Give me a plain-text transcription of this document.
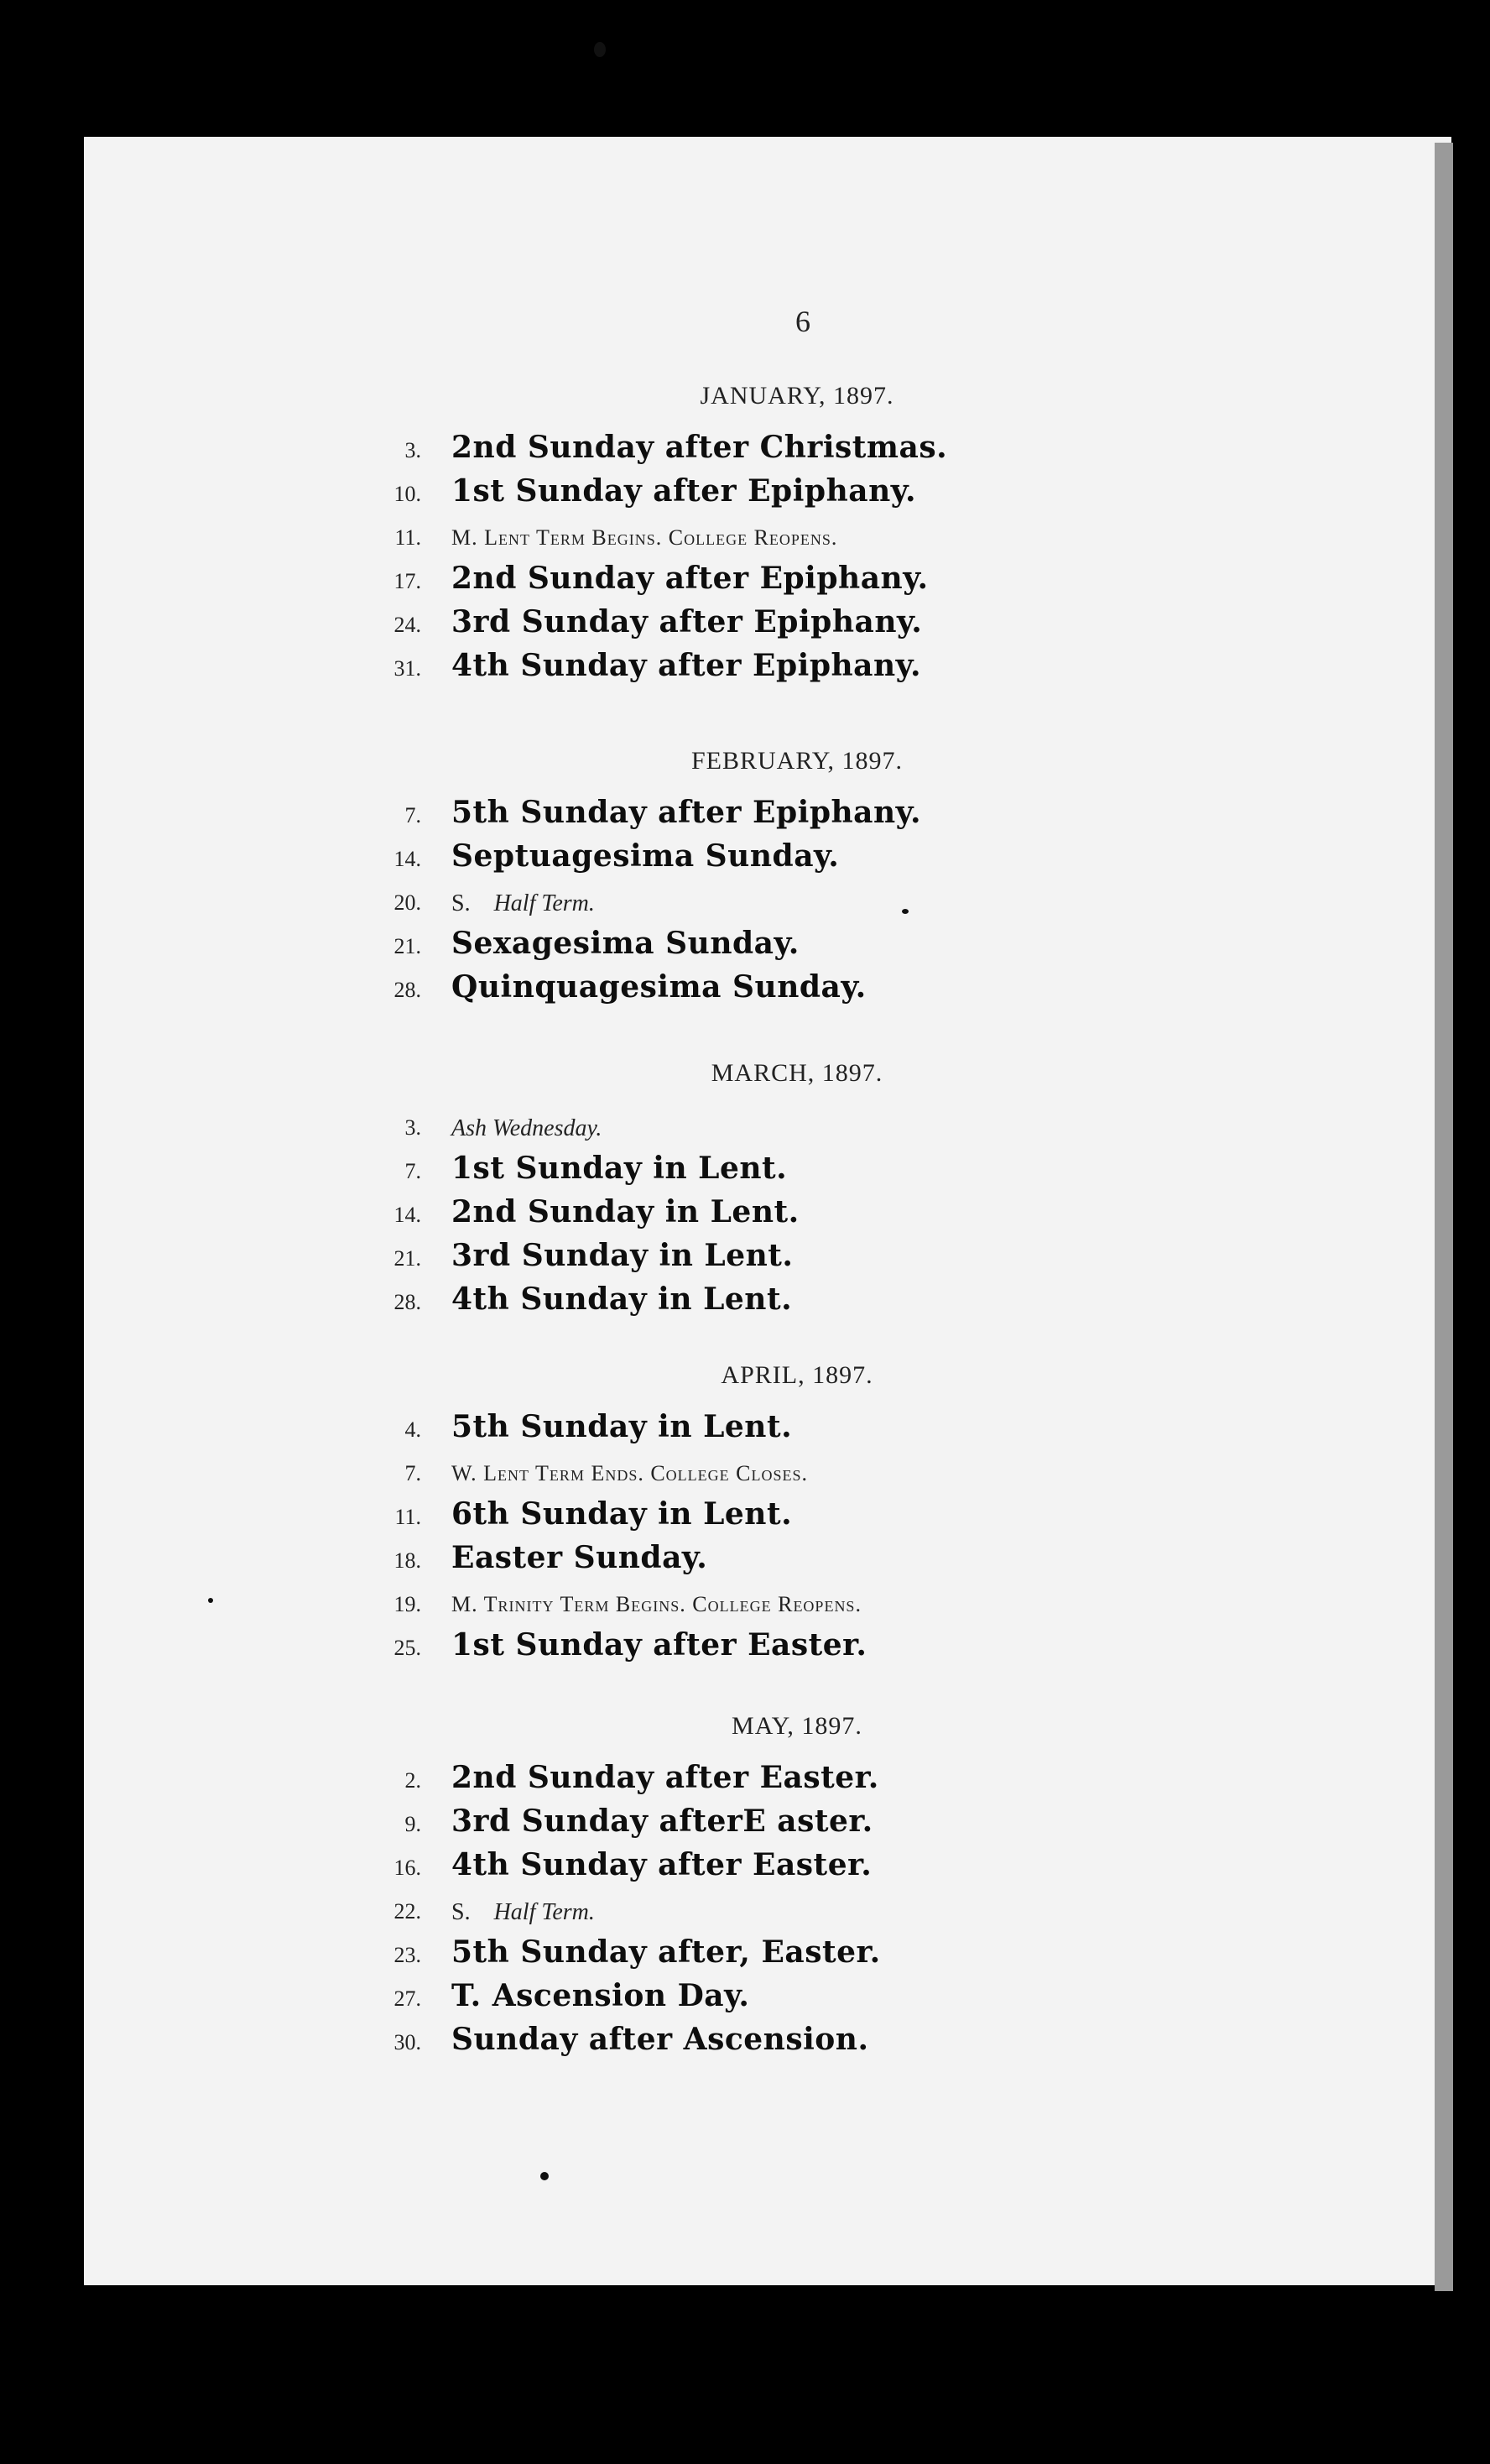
6
JANUARY, 1897.
3. 2nd Sunday after Christmas.
10. 1st Sunday after Epiphany.
11. M. Lent Term Begins. College Reopens.
17. 2nd Sunday after Epiphany.
24. 3rd Sunday after Epiphany.
31. 4th Sunday after Epiphany.
FEBRUARY, 1897.
7. 5th Sunday after Epiphany.
14. Septuagesima Sunday.
20. S.  Half Term.
21. Sexagesima Sunday.
28. Quinquagesima Sunday.
MARCH, 1897.
3. Ash Wednesday.
7. 1st Sunday in Lent.
14. 2nd Sunday in Lent.
21. 3rd Sunday in Lent.
28. 4th Sunday in Lent.
APRIL, 1897.
4. 5th Sunday in Lent.
7. W. Lent Term Ends. College Closes.
11. 6th Sunday in Lent.
18. Easter Sunday.
19. M. Trinity Term Begins. College Reopens.
25. 1st Sunday after Easter.
MAY, 1897.
2. 2nd Sunday after Easter.
9. 3rd Sunday afterE aster.
16. 4th Sunday after Easter.
22. S.  Half Term.
23. 5th Sunday after, Easter.
27. T. Ascension Day.
30. Sunday after Ascension.
